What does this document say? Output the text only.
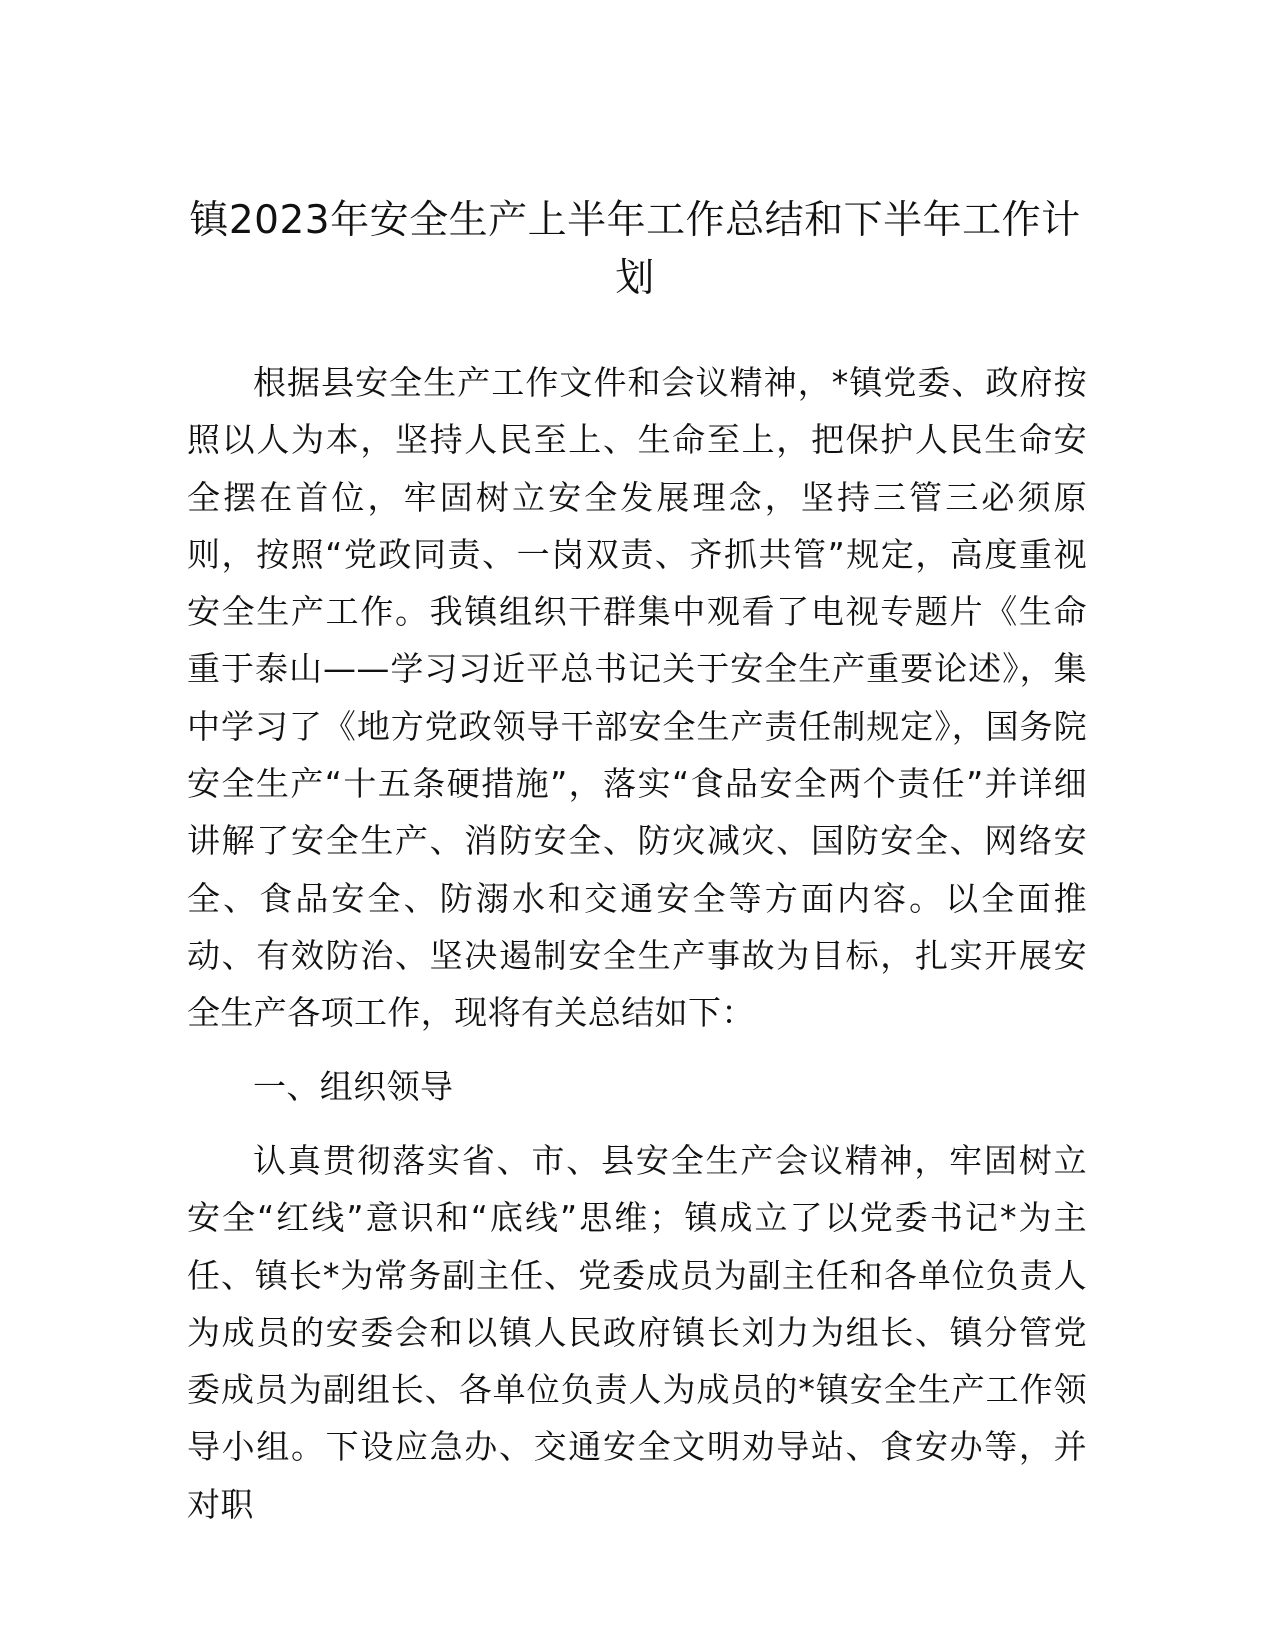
镇2023年安全生产上半年工作总结和下半年工作计划

根据县安全生产工作文件和会议精神，*镇党委、政府按照以人为本，坚持人民至上、生命至上，把保护人民生命安全摆在首位，牢固树立安全发展理念，坚持三管三必须原则，按照“党政同责、一岗双责、齐抓共管”规定，高度重视安全生产工作。我镇组织干群集中观看了电视专题片《生命重于泰山——学习习近平总书记关于安全生产重要论述》，集中学习了《地方党政领导干部安全生产责任制规定》，国务院安全生产“十五条硬措施”，落实“食品安全两个责任”并详细讲解了安全生产、消防安全、防灾减灾、国防安全、网络安全、食品安全、防溺水和交通安全等方面内容。以全面推动、有效防治、坚决遏制安全生产事故为目标，扎实开展安全生产各项工作，现将有关总结如下：

一、组织领导

认真贯彻落实省、市、县安全生产会议精神，牢固树立安全“红线”意识和“底线”思维；镇成立了以党委书记*为主任、镇长*为常务副主任、党委成员为副主任和各单位负责人为成员的安委会和以镇人民政府镇长刘力为组长、镇分管党委成员为副组长、各单位负责人为成员的*镇安全生产工作领导小组。下设应急办、交通安全文明劝导站、食安办等，并对职
